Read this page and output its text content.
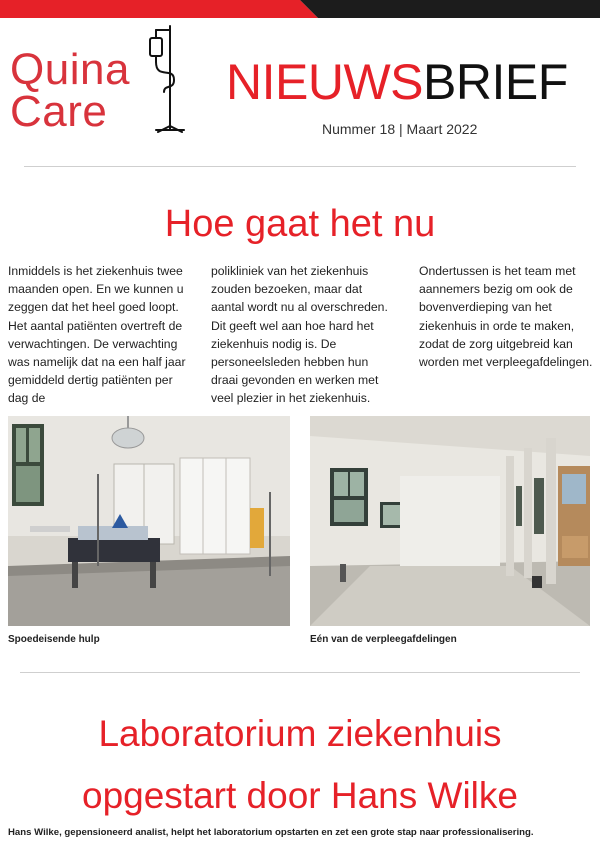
Quina
Care
NIEUWSBRIEF
Nummer 18 | Maart 2022
Hoe gaat het nu
Inmiddels is het ziekenhuis twee maanden open. En we kunnen u zeggen dat het heel goed loopt. Het aantal patiënten overtreft de verwachtingen. De verwachting was namelijk dat na een half jaar gemiddeld dertig patiënten per dag de
polikliniek van het ziekenhuis zouden bezoeken, maar dat aantal wordt nu al overschreden. Dit geeft wel aan hoe hard het ziekenhuis nodig is. De personeelsleden hebben hun draai gevonden en werken met veel plezier in het ziekenhuis.
Ondertussen is het team met aannemers bezig om ook de bovenverdieping van het ziekenhuis in orde te maken, zodat de zorg uitgebreid kan worden met verpleegafdelingen.
Spoedeisende hulp	Eén van de verpleegafdelingen
Laboratorium ziekenhuis
opgestart door Hans Wilke
Hans Wilke, gepensioneerd analist, helpt het laboratorium opstarten en zet een grote stap naar professionalisering.
